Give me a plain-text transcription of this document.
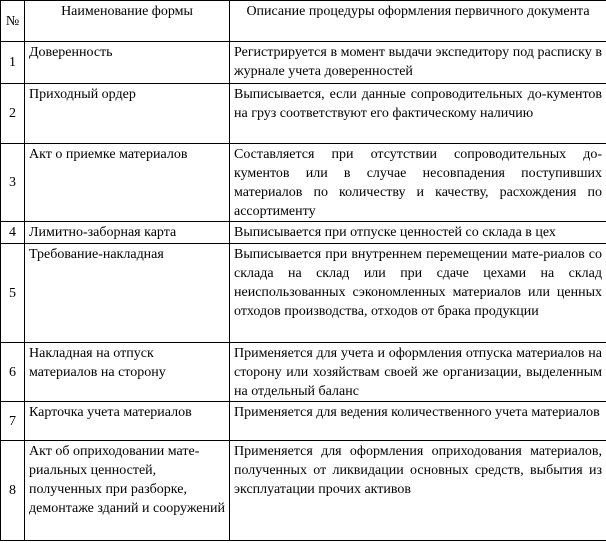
№	Наименование формы	Описание процедуры оформления первичного документа
1	Доверенность	Регистрируется в момент выдачи экспедитору под расписку в журнале учета доверенностей
2	Приходный ордер	Выписывается, если данные сопроводительных до-кументов на груз соответствуют его фактическому наличию
3	Акт о приемке материалов	Составляется при отсутствии сопроводительных до-кументов или в случае несовпадения поступивших материалов по количеству и качеству, расхождения по ассортименту
4	Лимитно-заборная карта	Выписывается при отпуске ценностей со склада в цех
5	Требование-накладная	Выписывается при внутреннем перемещении мате-риалов со склада на склад или при сдаче цехами на склад неиспользованных сэкономленных материалов или ценных отходов производства, отходов от брака продукции
6	Накладная на отпуск материалов на сторону	Применяется для учета и оформления отпуска материалов на сторону или хозяйствам своей же организации, выделенным на отдельный баланс
7	Карточка учета материалов	Применяется для ведения количественного учета материалов
8	Акт об оприходовании мате-риальных ценностей, полученных при разборке, демонтаже зданий и сооружений	Применяется для оформления оприходования материалов, полученных от ликвидации основных средств, выбытия из эксплуатации прочих активов
